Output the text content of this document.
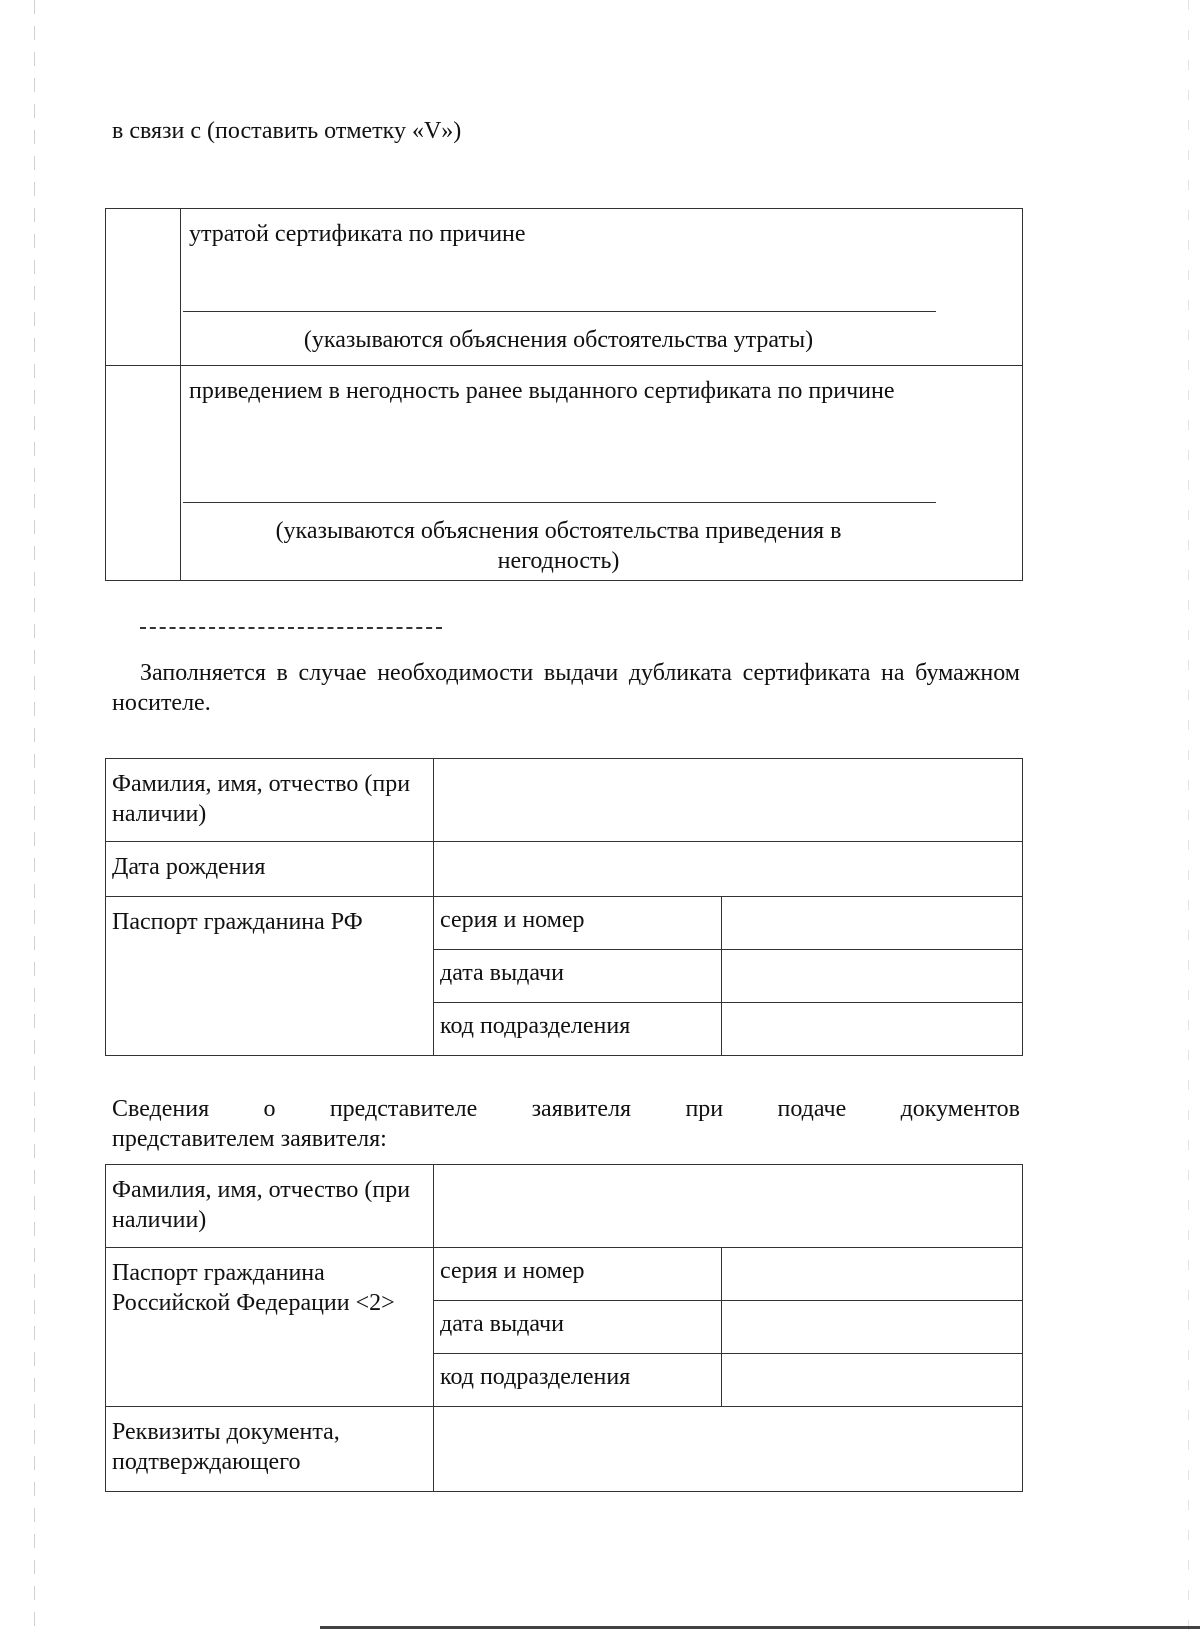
в связи с (поставить отметку «V»)

	утратой сертификата по причине
(указываются объяснения обстоятельства утраты)

	приведением в негодность ранее выданного сертификата по причине
(указываются объяснения обстоятельства приведения в негодность)
Заполняется в случае необходимости выдачи дубликата сертификата на бумажном носителе.
Фамилия, имя, отчество (при наличии)		
Дата рождения		
Паспорт гражданина РФ	серия и номер	
	дата выдачи	
	код подразделения	
Сведения о представителе заявителя при подаче документов
представителем заявителя:
Фамилия, имя, отчество (при наличии)		
Паспорт гражданина Российской Федерации <2>	серия и номер	
	дата выдачи	
	код подразделения	
Реквизиты документа, подтверждающего		
